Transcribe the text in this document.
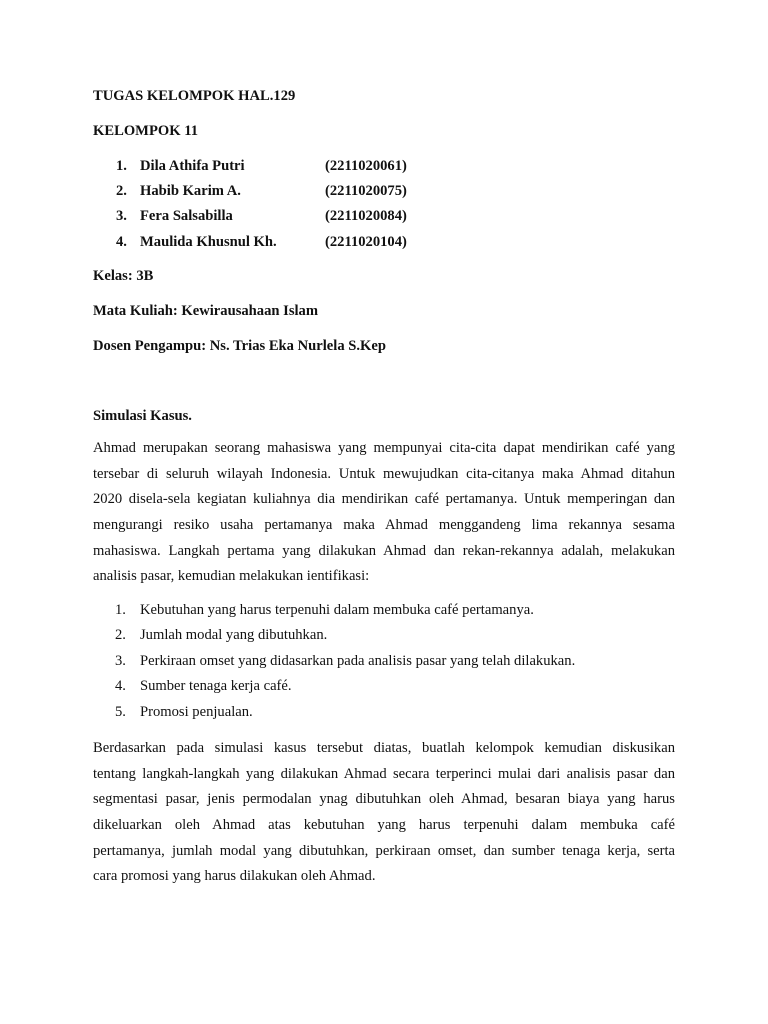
TUGAS KELOMPOK HAL.129
KELOMPOK 11
1. Dila Athifa Putri	(2211020061)
2. Habib Karim A.	(2211020075)
3. Fera Salsabilla	(2211020084)
4. Maulida Khusnul Kh.	(2211020104)
Kelas: 3B
Mata Kuliah: Kewirausahaan Islam
Dosen Pengampu: Ns. Trias Eka Nurlela S.Kep
Simulasi Kasus.
Ahmad merupakan seorang mahasiswa yang mempunyai cita-cita dapat mendirikan café yang
tersebar di seluruh wilayah Indonesia. Untuk mewujudkan cita-citanya maka Ahmad ditahun
2020 disela-sela kegiatan kuliahnya dia mendirikan café pertamanya. Untuk memperingan dan
mengurangi resiko usaha pertamanya maka Ahmad menggandeng lima rekannya sesama
mahasiswa. Langkah pertama yang dilakukan Ahmad dan rekan-rekannya adalah, melakukan
analisis pasar, kemudian melakukan ientifikasi:
1. Kebutuhan yang harus terpenuhi dalam membuka café pertamanya.
2. Jumlah modal yang dibutuhkan.
3. Perkiraan omset yang didasarkan pada analisis pasar yang telah dilakukan.
4. Sumber tenaga kerja café.
5. Promosi penjualan.
Berdasarkan pada simulasi kasus tersebut diatas, buatlah kelompok kemudian diskusikan
tentang langkah-langkah yang dilakukan Ahmad secara terperinci mulai dari analisis pasar dan
segmentasi pasar, jenis permodalan ynag dibutuhkan oleh Ahmad, besaran biaya yang harus
dikeluarkan oleh Ahmad atas kebutuhan yang harus terpenuhi dalam membuka café
pertamanya, jumlah modal yang dibutuhkan, perkiraan omset, dan sumber tenaga kerja, serta
cara promosi yang harus dilakukan oleh Ahmad.
